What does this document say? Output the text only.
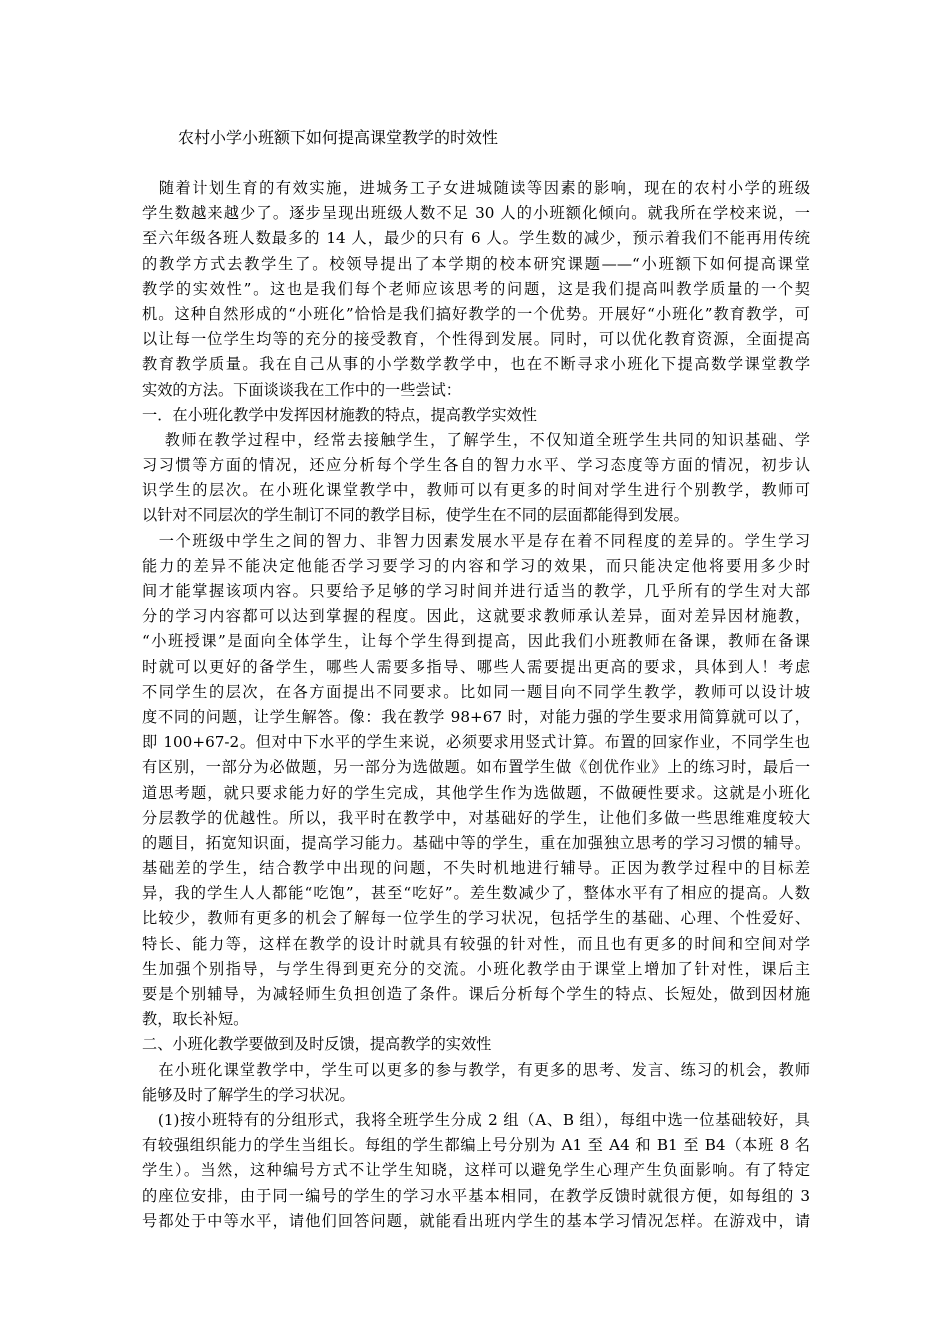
农村小学小班额下如何提高课堂教学的时效性
　随着计划生育的有效实施，进城务工子女进城随读等因素的影响，现在的农村小学的班级
学生数越来越少了。逐步呈现出班级人数不足 30 人的小班额化倾向。就我所在学校来说，一
至六年级各班人数最多的 14 人，最少的只有 6 人。学生数的减少，预示着我们不能再用传统
的教学方式去教学生了。校领导提出了本学期的校本研究课题——“小班额下如何提高课堂
教学的实效性”。这也是我们每个老师应该思考的问题，这是我们提高叫教学质量的一个契
机。这种自然形成的“小班化”恰恰是我们搞好教学的一个优势。开展好“小班化”教育教学，可
以让每一位学生均等的充分的接受教育，个性得到发展。同时，可以优化教育资源，全面提高
教育教学质量。我在自己从事的小学数学教学中，也在不断寻求小班化下提高数学课堂教学
实效的方法。下面谈谈我在工作中的一些尝试：
一．在小班化教学中发挥因材施教的特点，提高教学实效性
　 教师在教学过程中，经常去接触学生，了解学生，不仅知道全班学生共同的知识基础、学
习习惯等方面的情况，还应分析每个学生各自的智力水平、学习态度等方面的情况，初步认
识学生的层次。在小班化课堂教学中，教师可以有更多的时间对学生进行个别教学，教师可
以针对不同层次的学生制订不同的教学目标，使学生在不同的层面都能得到发展。
　一个班级中学生之间的智力、非智力因素发展水平是存在着不同程度的差异的。学生学习
能力的差异不能决定他能否学习要学习的内容和学习的效果，而只能决定他将要用多少时
间才能掌握该项内容。只要给予足够的学习时间并进行适当的教学，几乎所有的学生对大部
分的学习内容都可以达到掌握的程度。因此，这就要求教师承认差异，面对差异因材施教，
“小班授课”是面向全体学生，让每个学生得到提高，因此我们小班教师在备课，教师在备课
时就可以更好的备学生，哪些人需要多指导、哪些人需要提出更高的要求，具体到人！考虑
不同学生的层次，在各方面提出不同要求。比如同一题目向不同学生教学，教师可以设计坡
度不同的问题，让学生解答。像：我在教学 98+67 时，对能力强的学生要求用简算就可以了，
即 100+67-2。但对中下水平的学生来说，必须要求用竖式计算。布置的回家作业，不同学生也
有区别，一部分为必做题，另一部分为选做题。如布置学生做《创优作业》上的练习时，最后一
道思考题，就只要求能力好的学生完成，其他学生作为选做题，不做硬性要求。这就是小班化
分层教学的优越性。所以，我平时在教学中，对基础好的学生，让他们多做一些思维难度较大
的题目，拓宽知识面，提高学习能力。基础中等的学生，重在加强独立思考的学习习惯的辅导。
基础差的学生，结合教学中出现的问题，不失时机地进行辅导。正因为教学过程中的目标差
异，我的学生人人都能“吃饱”，甚至“吃好”。差生数减少了，整体水平有了相应的提高。人数
比较少，教师有更多的机会了解每一位学生的学习状况，包括学生的基础、心理、个性爱好、
特长、能力等，这样在教学的设计时就具有较强的针对性，而且也有更多的时间和空间对学
生加强个别指导，与学生得到更充分的交流。小班化教学由于课堂上增加了针对性，课后主
要是个别辅导，为减轻师生负担创造了条件。课后分析每个学生的特点、长短处，做到因材施
教，取长补短。
二、小班化教学要做到及时反馈，提高教学的实效性
　在小班化课堂教学中，学生可以更多的参与教学，有更多的思考、发言、练习的机会，教师
能够及时了解学生的学习状况。
　(1)按小班特有的分组形式，我将全班学生分成 2 组（A、B 组），每组中选一位基础较好，具
有较强组织能力的学生当组长。每组的学生都编上号分别为 A1 至 A4 和 B1 至 B4（本班 8 名
学生）。当然，这种编号方式不让学生知晓，这样可以避免学生心理产生负面影响。有了特定
的座位安排，由于同一编号的学生的学习水平基本相同，在教学反馈时就很方便，如每组的 3
号都处于中等水平，请他们回答问题，就能看出班内学生的基本学习情况怎样。在游戏中，请
